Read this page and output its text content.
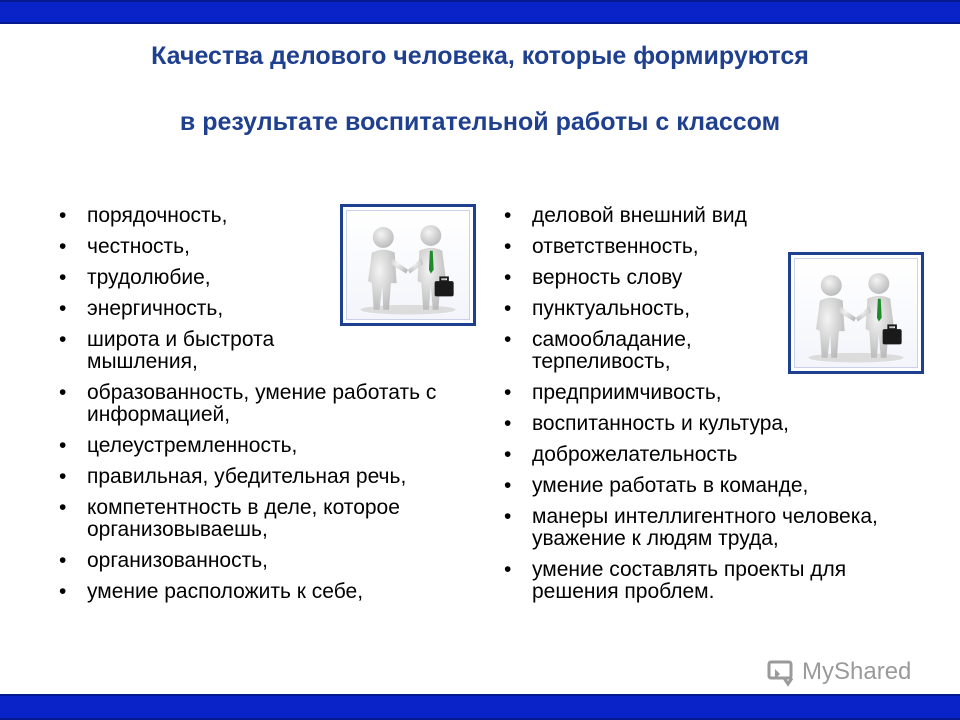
Качества делового человека, которые формируются
в результате воспитательной работы с классом
• порядочность,
• честность,
• трудолюбие,
• энергичность,
• широта и быстрота мышления,
• образованность, умение работать с информацией,
• целеустремленность,
• правильная, убедительная речь,
• компетентность в деле, которое организовываешь,
• организованность,
• умение расположить к себе,
• деловой внешний вид
• ответственность,
• верность слову
• пунктуальность,
• самообладание, терпеливость,
• предприимчивость,
• воспитанность и культура,
• доброжелательность
• умение работать в команде,
• манеры интеллигентного человека, уважение к людям труда,
• умение составлять проекты для решения проблем.
MyShared
